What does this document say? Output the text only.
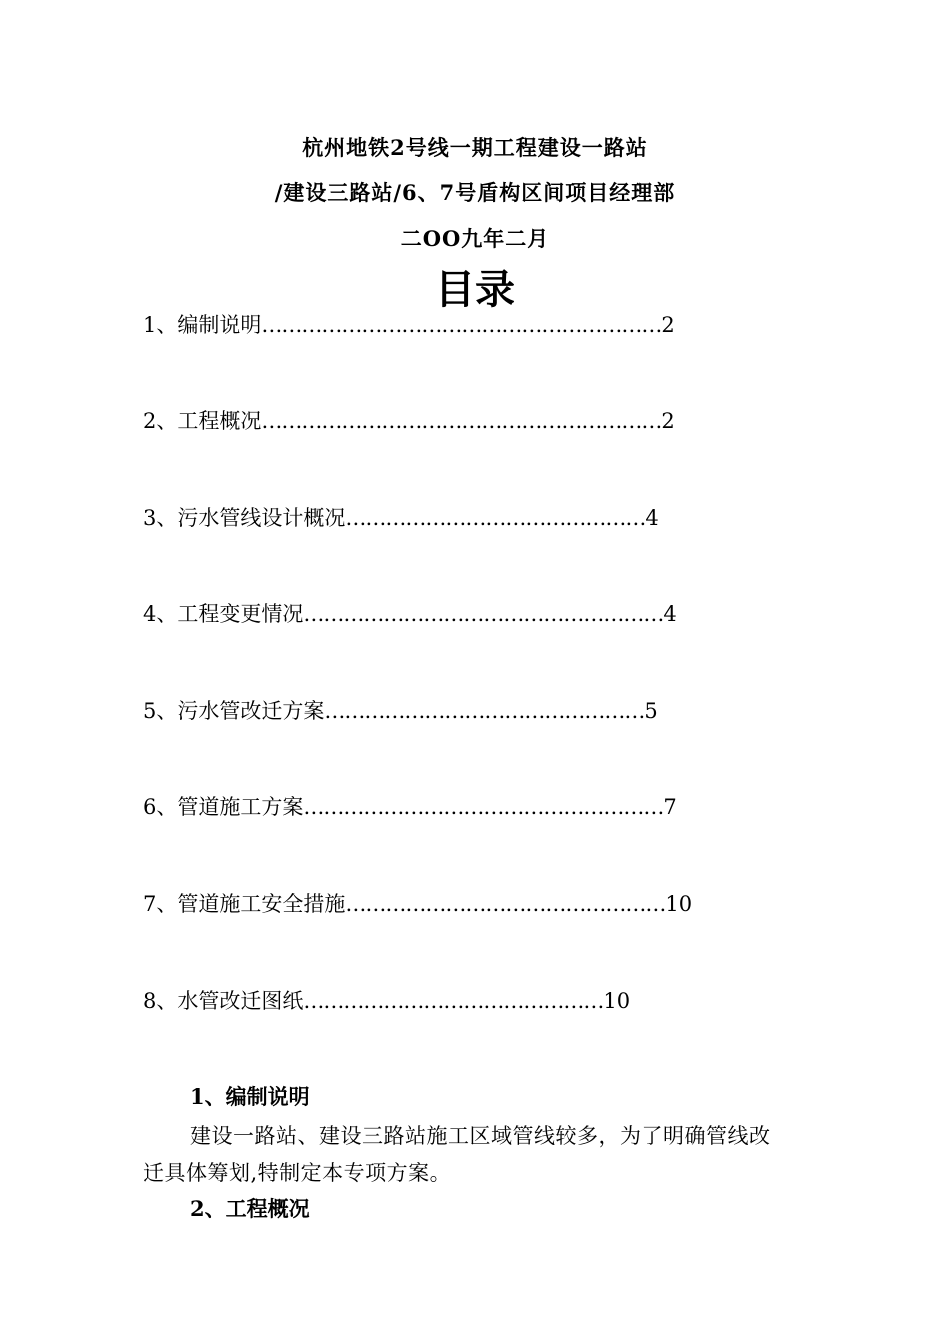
杭州地铁2号线一期工程建设一路站
/建设三路站/6、7号盾构区间项目经理部
二OO九年二月
目录
1、编制说明……………………………………………………2
2、工程概况……………………………………………………2
3、污水管线设计概况………………………………………4
4、工程变更情况………………………………………………4
5、污水管改迁方案…………………………………………5
6、管道施工方案………………………………………………7
7、管道施工安全措施…………………………………………10
8、水管改迁图纸………………………………………10
1、编制说明
建设一路站、建设三路站施工区域管线较多，为了明确管线改
迁具体筹划,特制定本专项方案。
2、工程概况
